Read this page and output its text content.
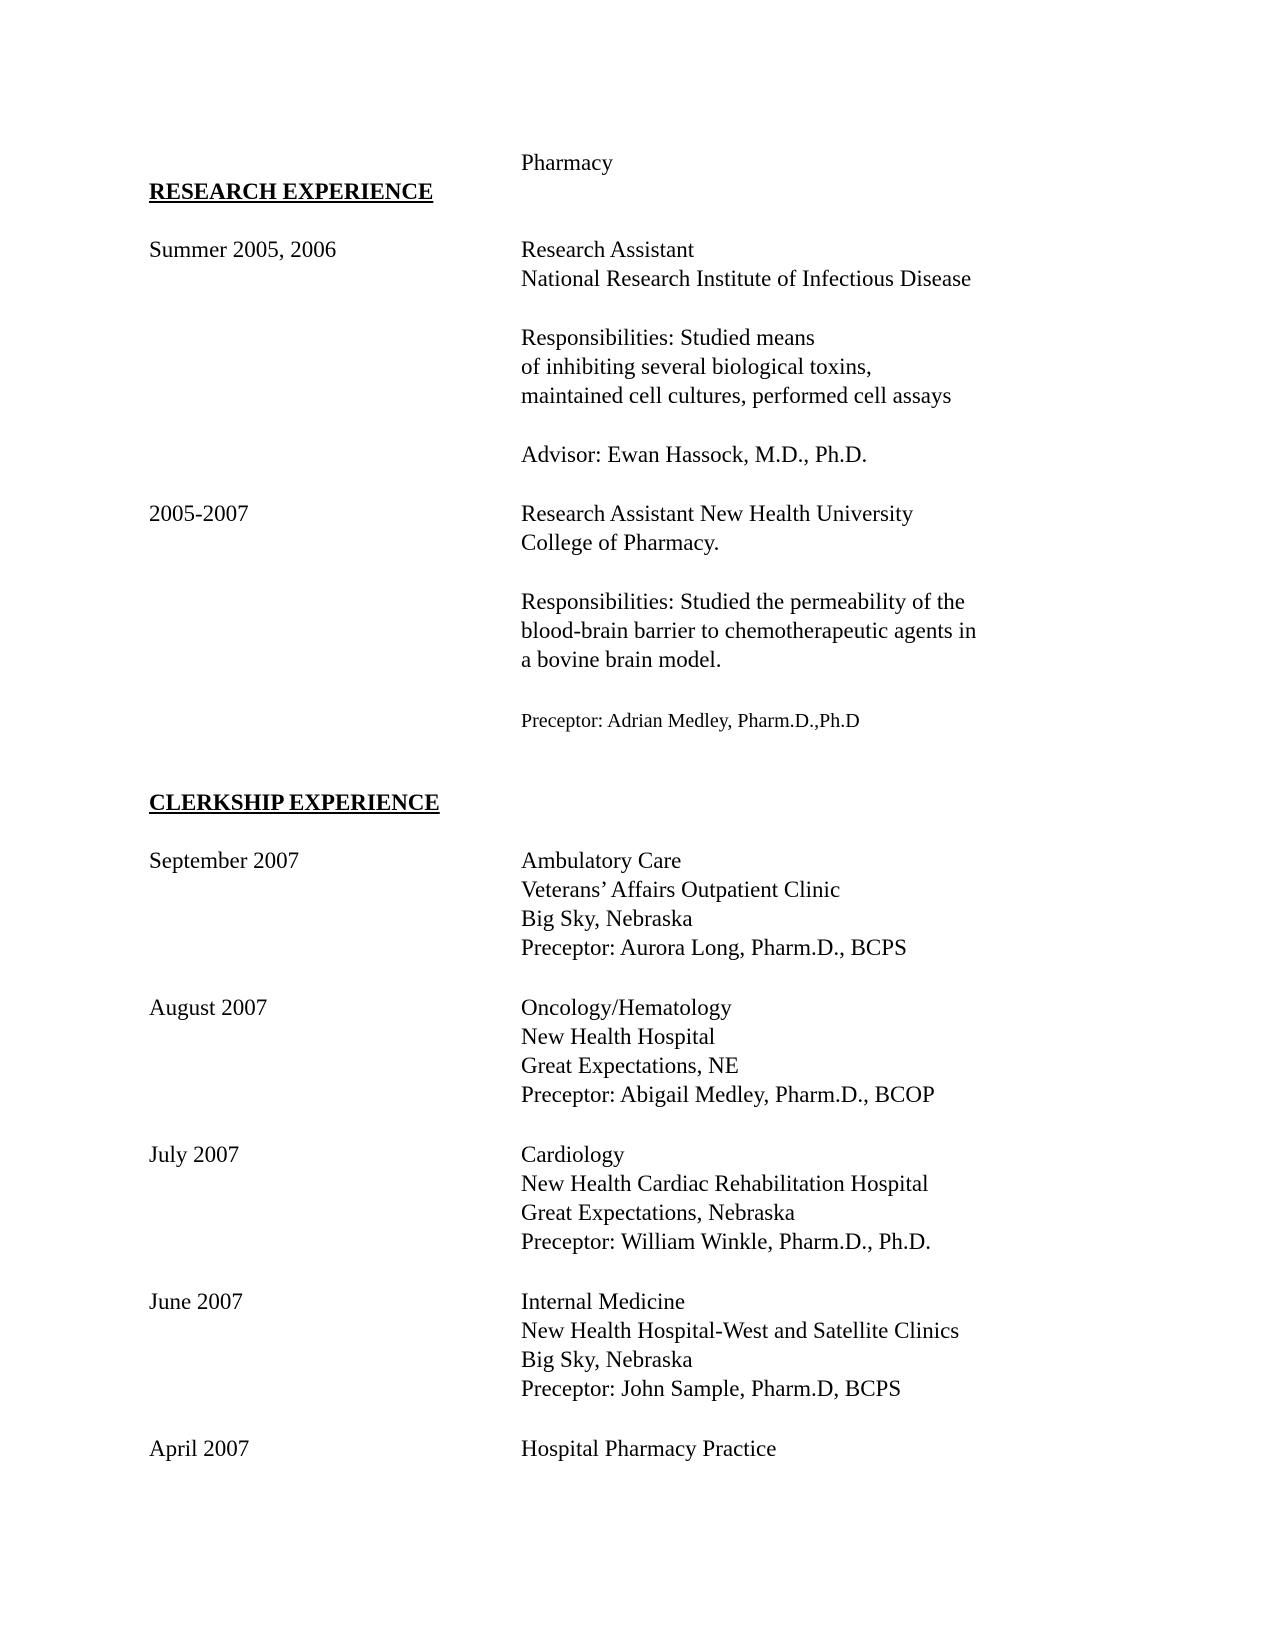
Pharmacy
RESEARCH EXPERIENCE
Summer 2005, 2006	Research Assistant
National Research Institute of Infectious Disease
Responsibilities: Studied means
of inhibiting several biological toxins,
maintained cell cultures, performed cell assays
Advisor: Ewan Hassock, M.D., Ph.D.
2005-2007	Research Assistant New Health University
College of Pharmacy.
Responsibilities: Studied the permeability of the
blood-brain barrier to chemotherapeutic agents in
a bovine brain model.
Preceptor: Adrian Medley, Pharm.D.,Ph.D
CLERKSHIP EXPERIENCE
September 2007	Ambulatory Care
Veterans’ Affairs Outpatient Clinic
Big Sky, Nebraska
Preceptor: Aurora Long, Pharm.D., BCPS
August 2007	Oncology/Hematology
New Health Hospital
Great Expectations, NE
Preceptor: Abigail Medley, Pharm.D., BCOP
July 2007	Cardiology
New Health Cardiac Rehabilitation Hospital
Great Expectations, Nebraska
Preceptor: William Winkle, Pharm.D., Ph.D.
June 2007	Internal Medicine
New Health Hospital-West and Satellite Clinics
Big Sky, Nebraska
Preceptor: John Sample, Pharm.D, BCPS
April 2007	Hospital Pharmacy Practice
